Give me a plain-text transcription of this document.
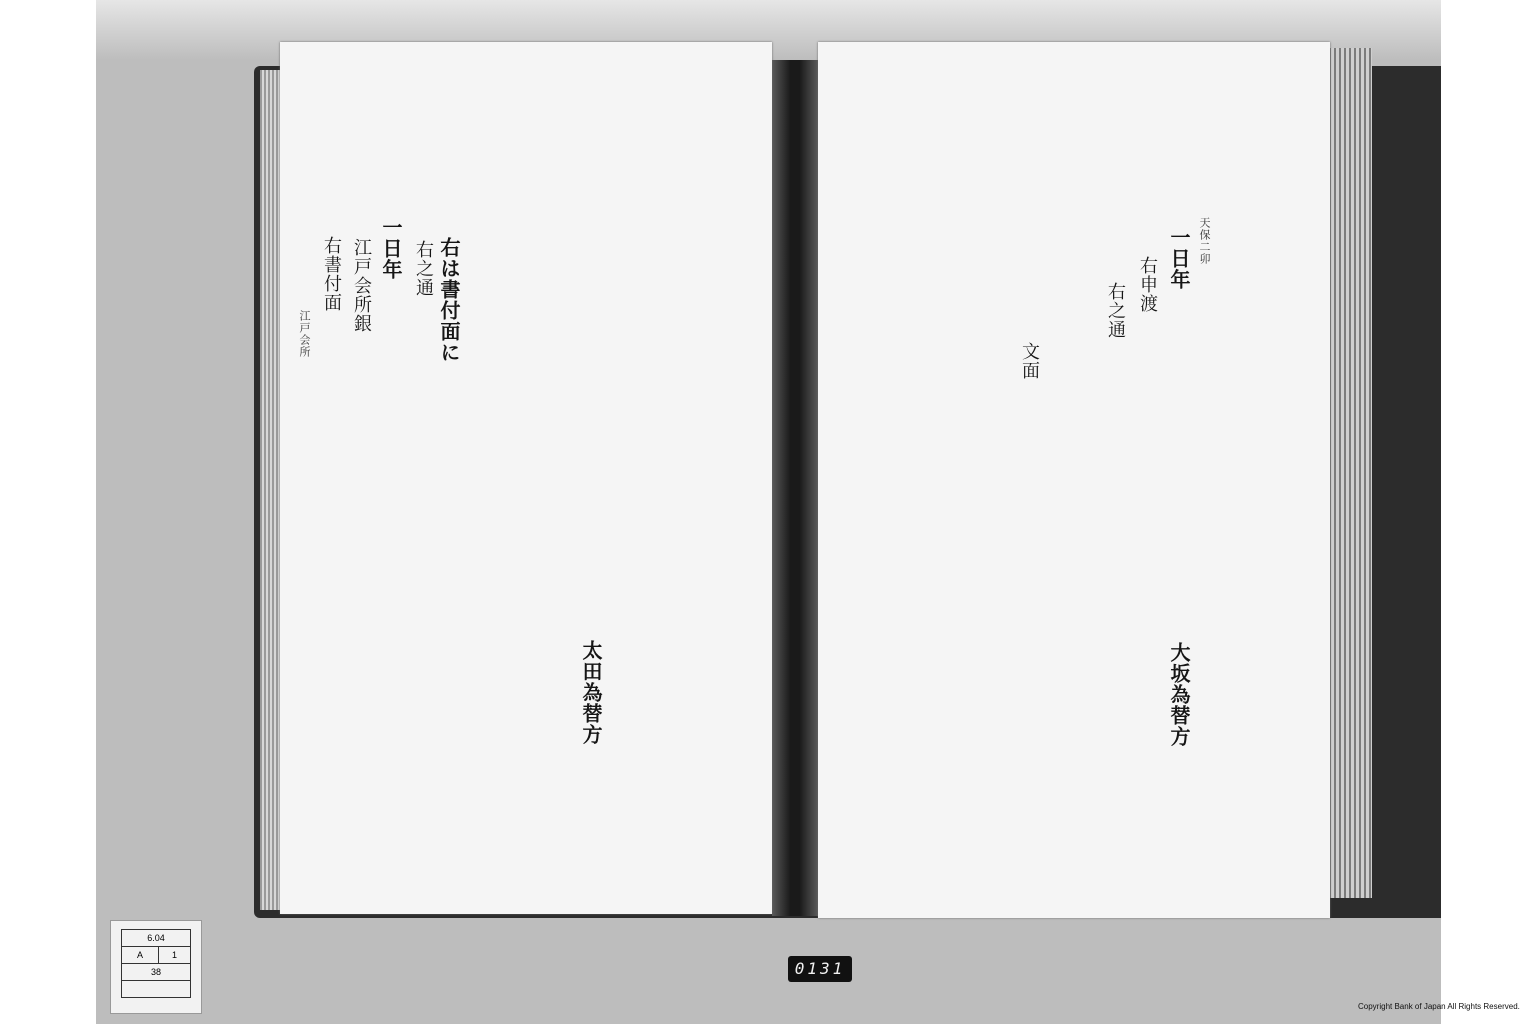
右は書付面に
右之通
一日年
江戸会所銀
右書付面
江戸会所
太田為替方
天保二卯
一日年
右申渡
右之通
大坂為替方
文面
6.04
A	1
38	0131
Copyright Bank of Japan All Rights Reserved.
